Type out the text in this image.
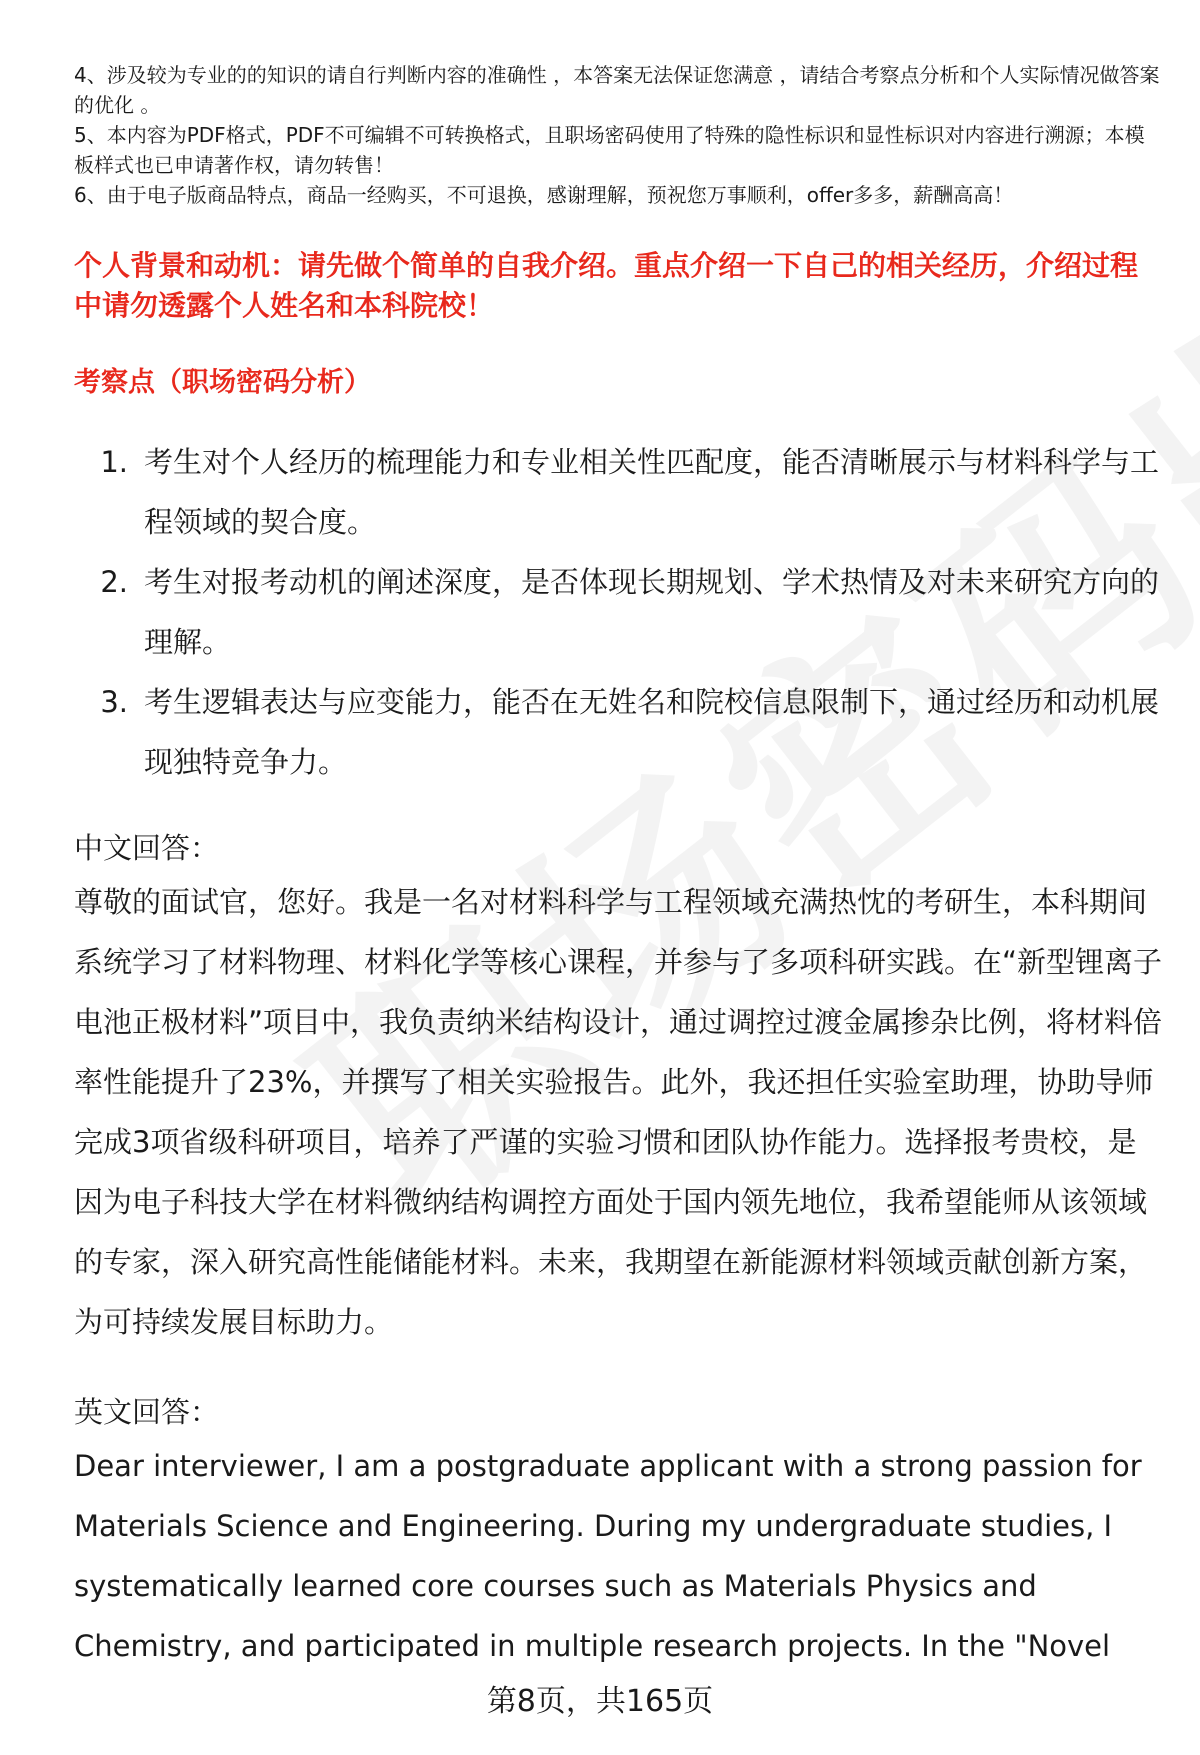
4、涉及较为专业的的知识的请自行判断内容的准确性 ，本答案无法保证您满意 ，请结合考察点分析和个人实际情况做答案的优化 。
5、本内容为PDF格式，PDF不可编辑不可转换格式，且职场密码使用了特殊的隐性标识和显性标识对内容进行溯源；本模板样式也已申请著作权，请勿转售！
6、由于电子版商品特点，商品一经购买，不可退换，感谢理解，预祝您万事顺利，offer多多，薪酬高高！
个人背景和动机：请先做个简单的自我介绍。重点介绍一下自己的相关经历，介绍过程中请勿透露个人姓名和本科院校！
考察点（职场密码分析）
1. 考生对个人经历的梳理能力和专业相关性匹配度，能否清晰展示与材料科学与工程领域的契合度。
2. 考生对报考动机的阐述深度，是否体现长期规划、学术热情及对未来研究方向的理解。
3. 考生逻辑表达与应变能力，能否在无姓名和院校信息限制下，通过经历和动机展现独特竞争力。
中文回答：
尊敬的面试官，您好。我是一名对材料科学与工程领域充满热忱的考研生，本科期间系统学习了材料物理、材料化学等核心课程，并参与了多项科研实践。在“新型锂离子电池正极材料”项目中，我负责纳米结构设计，通过调控过渡金属掺杂比例，将材料倍率性能提升了23%，并撰写了相关实验报告。此外，我还担任实验室助理，协助导师完成3项省级科研项目，培养了严谨的实验习惯和团队协作能力。选择报考贵校，是因为电子科技大学在材料微纳结构调控方面处于国内领先地位，我希望能师从该领域的专家，深入研究高性能储能材料。未来，我期望在新能源材料领域贡献创新方案，为可持续发展目标助力。
英文回答：
Dear interviewer, I am a postgraduate applicant with a strong passion for Materials Science and Engineering. During my undergraduate studies, I systematically learned core courses such as Materials Physics and Chemistry, and participated in multiple research projects. In the "Novel
第8页，共165页
